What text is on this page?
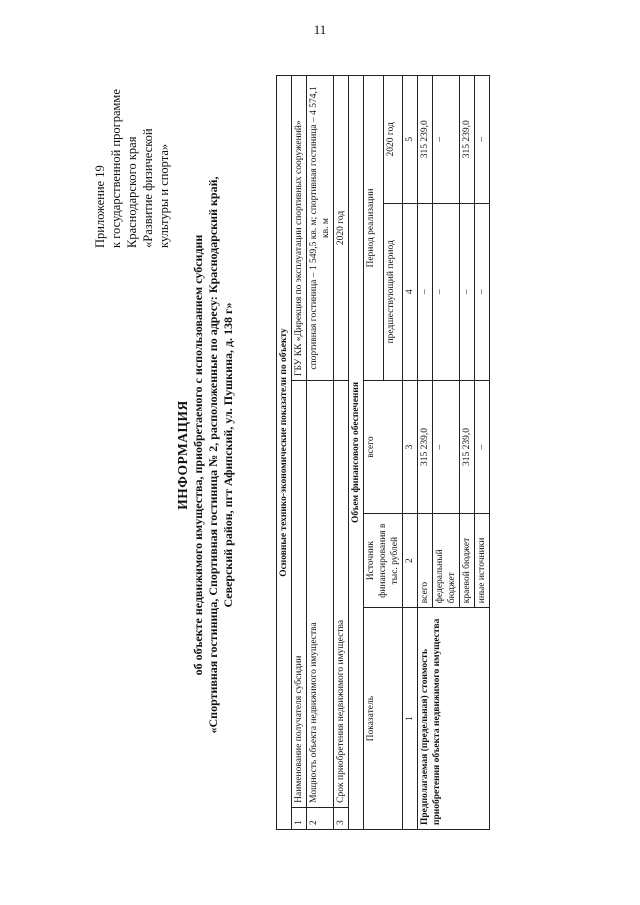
11
Приложение 19 к государственной программе Краснодарского края «Развитие физической культуры и спорта»
ИНФОРМАЦИЯ об объекте недвижимого имущества, приобретаемого с использованием субсидии «Спортивная гостиница, Спортивная гостиница № 2, расположенные по адресу: Краснодарский край, Северский район, пгт Афипский, ул. Пушкина, д. 138 г»	Основные технико-экономические показатели по объекту					
1	Наименование получателя субсидии			ГБУ КК «Дирекция по эксплуатации спортивных сооружений»	
2	Мощность объекта недвижимого имущества			спортивная гостиница – 1 549,5 кв. м; спортивная гостиница – 4 574,1 кв. м	
3	Срок приобретения недвижимого имущества			2020 год	
Объем финансового обеспечения					
Показатель		Источник финансирования в тыс. рублей	всего	Период реализации	
				предшествующий период	2020 год
1		2	3	4	5
Предполагаемая (предельная) стоимость приобретения объекта недвижимого имущества		всего	315 239,0	–	315 239,0
		федеральный бюджет	–	–	–
		краевой бюджет	315 239,0	–	315 239,0
		иные источники	–	–	–
